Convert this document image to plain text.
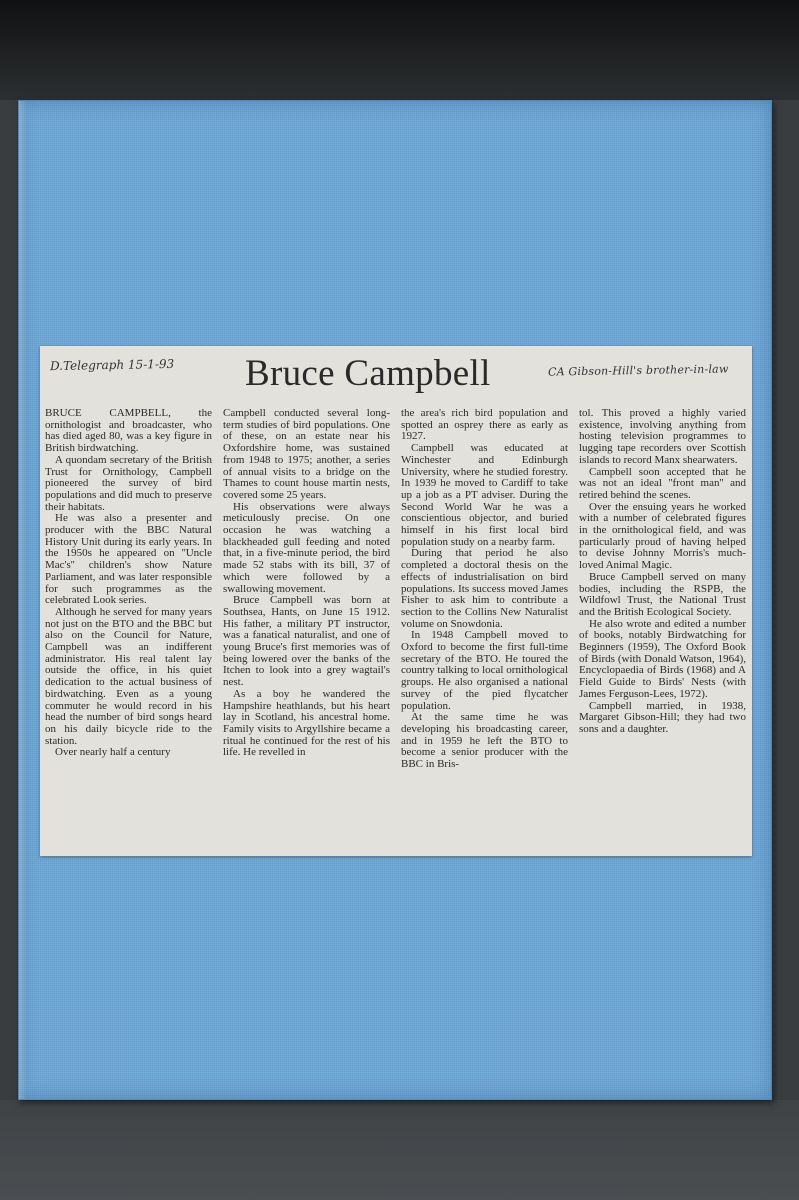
D.Telegraph 15-1-93 Bruce Campbell	CA Gibson-Hill's brother-in-law

BRUCE CAMPBELL, the ornithologist and broadcaster, who has died aged 80, was a key figure in British birdwatching.

A quondam secretary of the British Trust for Ornithology, Campbell pioneered the survey of bird populations and did much to preserve their habitats.

He was also a presenter and producer with the BBC Natural History Unit during its early years. In the 1950s he appeared on ''Uncle Mac's'' children's show Nature Parliament, and was later responsible for such programmes as the celebrated Look series.

Although he served for many years not just on the BTO and the BBC but also on the Council for Nature, Campbell was an indifferent administrator. His real talent lay outside the office, in his quiet dedication to the actual business of birdwatching. Even as a young commuter he would record in his head the number of bird songs heard on his daily bicycle ride to the station.

Over nearly half a century

Campbell conducted several long-term studies of bird populations. One of these, on an estate near his Oxfordshire home, was sustained from 1948 to 1975; another, a series of annual visits to a bridge on the Thames to count house martin nests, covered some 25 years.

His observations were always meticulously precise. On one occasion he was watching a blackheaded gull feeding and noted that, in a five-minute period, the bird made 52 stabs with its bill, 37 of which were followed by a swallowing movement.

Bruce Campbell was born at Southsea, Hants, on June 15 1912. His father, a military PT instructor, was a fanatical naturalist, and one of young Bruce's first memories was of being lowered over the banks of the Itchen to look into a grey wagtail's nest.

As a boy he wandered the Hampshire heathlands, but his heart lay in Scotland, his ancestral home. Family visits to Argyllshire became a ritual he continued for the rest of his life. He revelled in

the area's rich bird population and spotted an osprey there as early as 1927.

Campbell was educated at Winchester and Edinburgh University, where he studied forestry. In 1939 he moved to Cardiff to take up a job as a PT adviser. During the Second World War he was a conscientious objector, and buried himself in his first local bird population study on a nearby farm.

During that period he also completed a doctoral thesis on the effects of industrialisation on bird populations. Its success moved James Fisher to ask him to contribute a section to the Collins New Naturalist volume on Snowdonia.

In 1948 Campbell moved to Oxford to become the first full-time secretary of the BTO. He toured the country talking to local ornithological groups. He also organised a national survey of the pied flycatcher population.

At the same time he was developing his broadcasting career, and in 1959 he left the BTO to become a senior producer with the BBC in Bris-

tol. This proved a highly varied existence, involving anything from hosting television programmes to lugging tape recorders over Scottish islands to record Manx shearwaters.

Campbell soon accepted that he was not an ideal ''front man'' and retired behind the scenes.

Over the ensuing years he worked with a number of celebrated figures in the ornithological field, and was particularly proud of having helped to devise Johnny Morris's much-loved Animal Magic.

Bruce Campbell served on many bodies, including the RSPB, the Wildfowl Trust, the National Trust and the British Ecological Society.

He also wrote and edited a number of books, notably Birdwatching for Beginners (1959), The Oxford Book of Birds (with Donald Watson, 1964), Encyclopaedia of Birds (1968) and A Field Guide to Birds' Nests (with James Ferguson-Lees, 1972).

Campbell married, in 1938, Margaret Gibson-Hill; they had two sons and a daughter.
